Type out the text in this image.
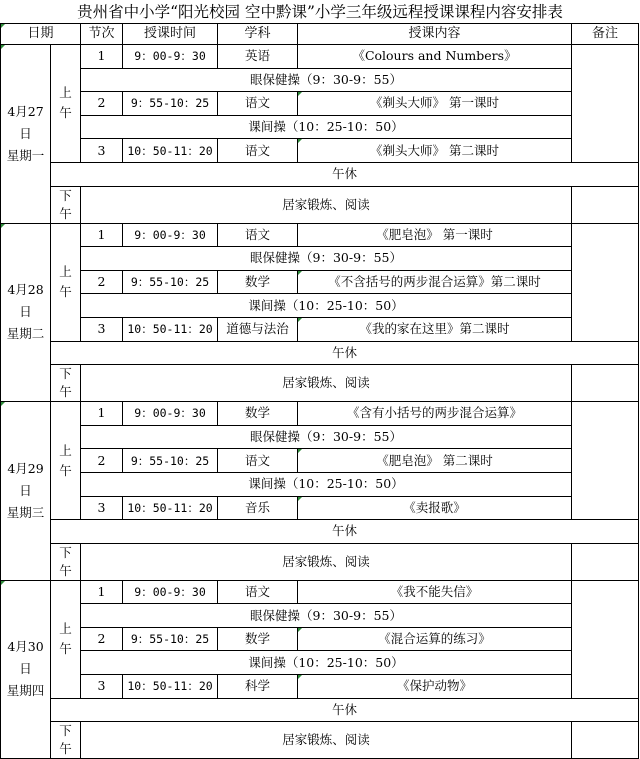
贵州省中小学“阳光校园 空中黔课”小学三年级远程授课课程内容安排表
日期		节次	授课时间	学科	授课内容	备注
4月27
日
星期一	上午	1	9：00-9：30	英语	《Colours and Numbers》	
		眼保健操（9：30-9：55）				
		2	9：55-10：25	语文	《剃头大师》 第一课时	
		课间操（10：25-10：50）				
		3	10：50-11：20	语文	《剃头大师》 第二课时	
	午休					
	下午	居家锻炼、阅读				
4月28
日
星期二	上午	1	9：00-9：30	语文	《肥皂泡》 第一课时	
		眼保健操（9：30-9：55）				
		2	9：55-10：25	数学	《不含括号的两步混合运算》第二课时	
		课间操（10：25-10：50）				
		3	10：50-11：20	道德与法治	《我的家在这里》第二课时	
	午休					
	下午	居家锻炼、阅读				
4月29
日
星期三	上午	1	9：00-9：30	数学	《含有小括号的两步混合运算》	
		眼保健操（9：30-9：55）				
		2	9：55-10：25	语文	《肥皂泡》 第二课时	
		课间操（10：25-10：50）				
		3	10：50-11：20	音乐	《卖报歌》	
	午休					
	下午	居家锻炼、阅读				
4月30
日
星期四	上午	1	9：00-9：30	语文	《我不能失信》	
		眼保健操（9：30-9：55）				
		2	9：55-10：25	数学	《混合运算的练习》	
		课间操（10：25-10：50）				
		3	10：50-11：20	科学	《保护动物》	
	午休					
	下午	居家锻炼、阅读				
